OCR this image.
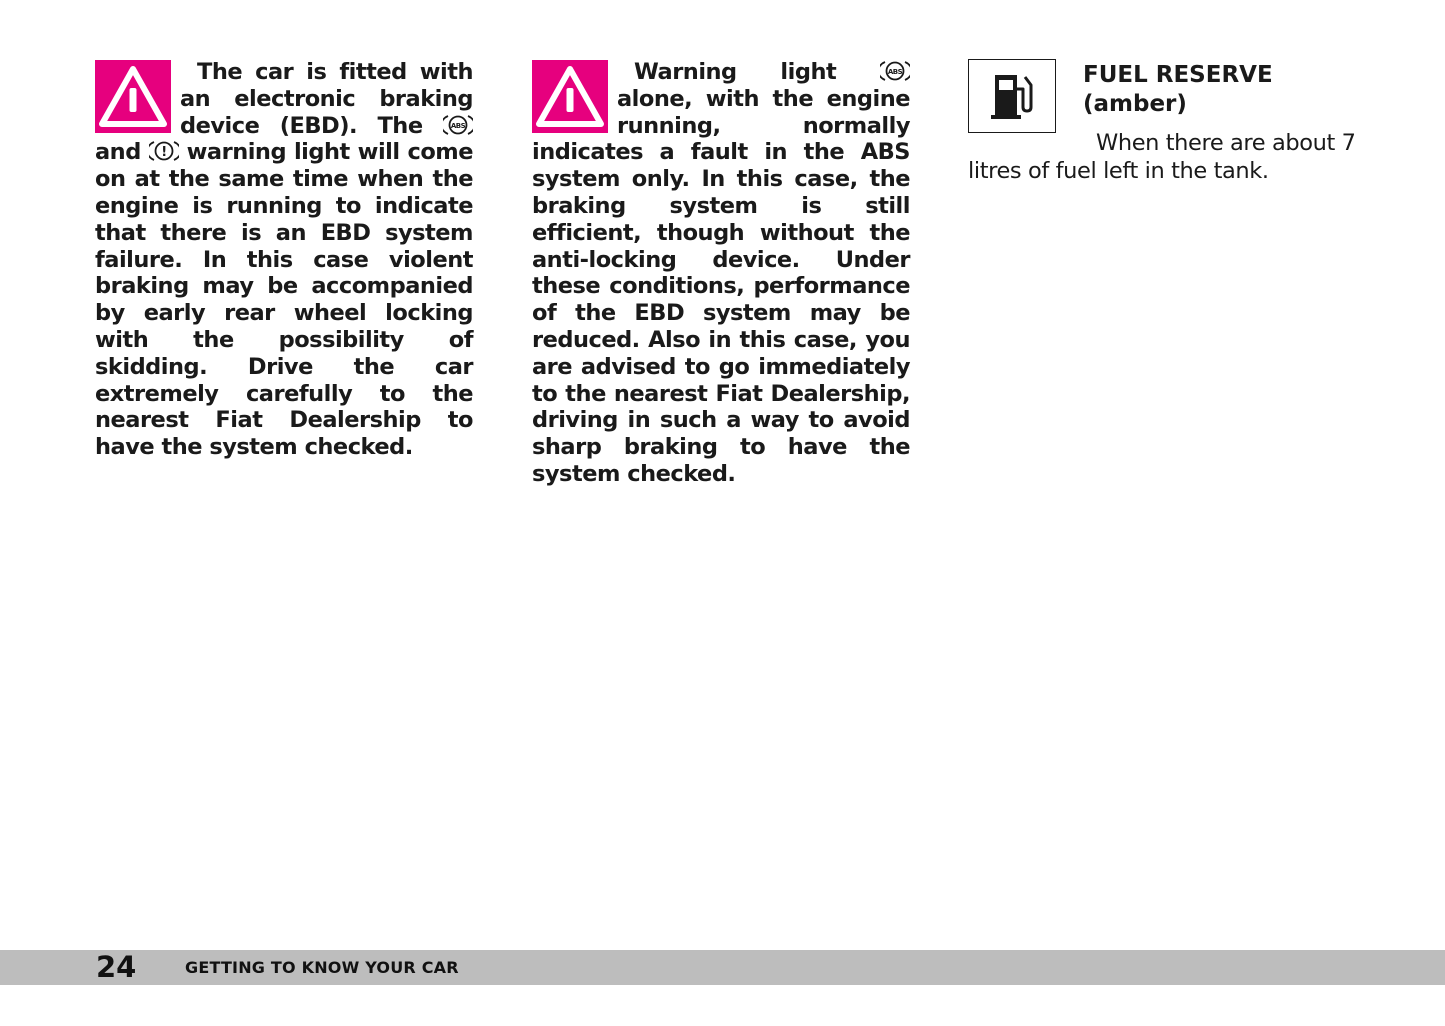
The car is fitted with an electronic braking device (EBD). The	ABS
and ! warning light will come on at the same time when the engine is running to indicate that there is an EBD system failure. In this case violent braking may be accompanied by early rear wheel locking with the possibility of skidding. Drive the car extremely carefully to the nearest Fiat Dealership to have the system checked.

Warning light	ABS
alone, with the engine running, normally indicates a fault in the ABS system only. In this case, the braking system is still efficient, though without the anti-locking device. Under these conditions, performance of the EBD system may be reduced. Also in this case, you are advised to go immediately to the nearest Fiat Dealership, driving in such a way to avoid sharp braking to have the system checked.

FUEL RESERVE
(amber)

When there are about 7 litres of fuel left in the tank.

24	GETTING TO KNOW YOUR CAR
